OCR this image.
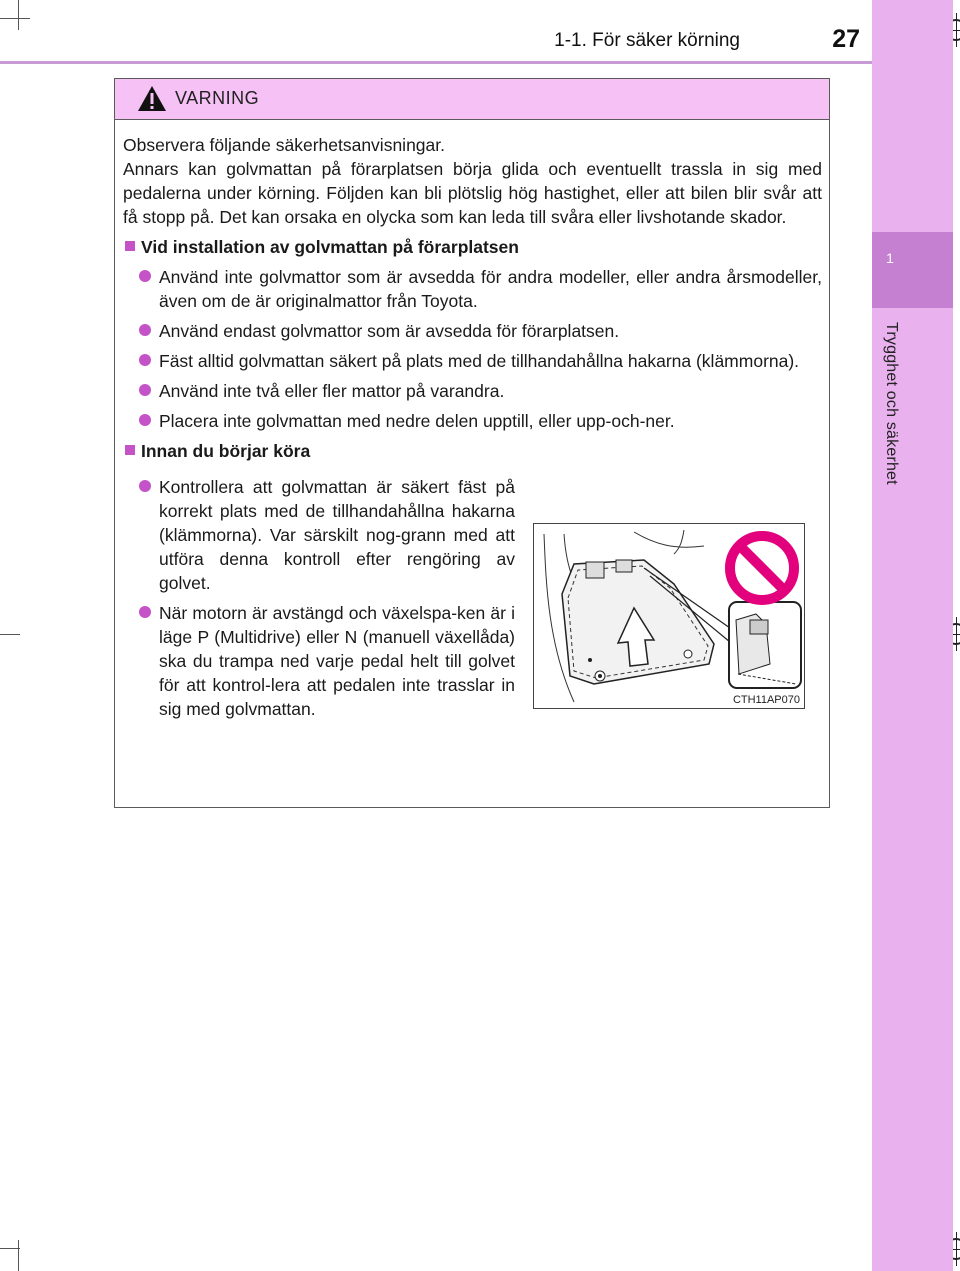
1
Trygghet och säkerhet
1-1. För säker körning	27
VARNING

Observera följande säkerhetsanvisningar.

Annars kan golvmattan på förarplatsen börja glida och eventuellt trassla in sig med pedalerna under körning. Följden kan bli plötslig hög hastighet, eller att bilen blir svår att få stopp på. Det kan orsaka en olycka som kan leda till svåra eller livshotande skador.

Vid installation av golvmattan på förarplatsen
Använd inte golvmattor som är avsedda för andra modeller, eller andra årsmodeller, även om de är originalmattor från Toyota.
Använd endast golvmattor som är avsedda för förarplatsen.
Fäst alltid golvmattan säkert på plats med de tillhandahållna hakarna (klämmorna).
Använd inte två eller fler mattor på varandra.
Placera inte golvmattan med nedre delen upptill, eller upp-och-ner.
Innan du börjar köra
Kontrollera att golvmattan är säkert fäst på korrekt plats med de tillhandahållna hakarna (klämmorna). Var särskilt nog-grann med att utföra denna kontroll efter rengöring av golvet.
När motorn är avstängd och växelspa-ken är i läge P (Multidrive) eller N (manuell växellåda) ska du trampa ned varje pedal helt till golvet för att kontrol-lera att pedalen inte trasslar in sig med golvmattan.	CTH11AP070
